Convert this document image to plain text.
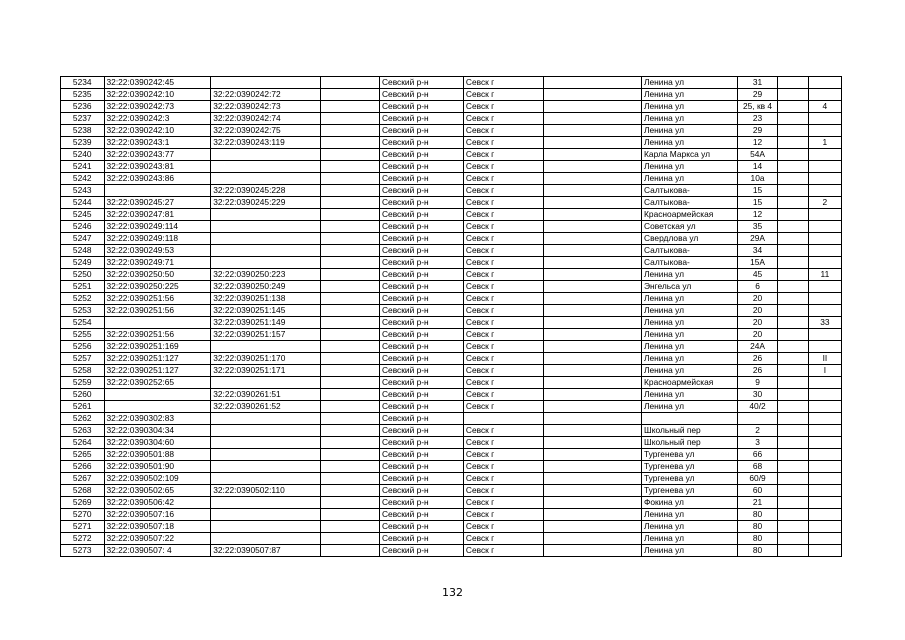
5234	32:22:0390242:45			Севский р-н	Севск г		Ленина ул	31		
5235	32:22:0390242:10	32:22:0390242:72		Севский р-н	Севск г		Ленина ул	29		
5236	32:22:0390242:73	32:22:0390242:73		Севский р-н	Севск г		Ленина ул	25, кв 4		4
5237	32:22:0390242:3	32:22:0390242:74		Севский р-н	Севск г		Ленина ул	23		
5238	32:22:0390242:10	32:22:0390242:75		Севский р-н	Севск г		Ленина ул	29		
5239	32:22:0390243:1	32:22:0390243:119		Севский р-н	Севск г		Ленина ул	12		1
5240	32:22:0390243:77			Севский р-н	Севск г		Карла Маркса ул	54А		
5241	32:22:0390243:81			Севский р-н	Севск г		Ленина ул	14		
5242	32:22:0390243:86			Севский р-н	Севск г		Ленина ул	10а		
5243		32:22:0390245:228		Севский р-н	Севск г		Салтыкова-	15		
5244	32:22:0390245:27	32:22:0390245:229		Севский р-н	Севск г		Салтыкова-	15		2
5245	32:22:0390247:81			Севский р-н	Севск г		Красноармейская	12		
5246	32:22:0390249:114			Севский р-н	Севск г		Советская ул	35		
5247	32:22:0390249:118			Севский р-н	Севск г		Свердлова ул	29А		
5248	32:22:0390249:53			Севский р-н	Севск г		Салтыкова-	34		
5249	32:22:0390249:71			Севский р-н	Севск г		Салтыкова-	15А		
5250	32:22:0390250:50	32:22:0390250:223		Севский р-н	Севск г		Ленина ул	45		11
5251	32:22:0390250:225	32:22:0390250:249		Севский р-н	Севск г		Энгельса ул	6		
5252	32:22:0390251:56	32:22:0390251:138		Севский р-н	Севск г		Ленина ул	20		
5253	32:22:0390251:56	32:22:0390251:145		Севский р-н	Севск г		Ленина ул	20		
5254		32:22:0390251:149		Севский р-н	Севск г		Ленина ул	20		33
5255	32:22:0390251:56	32:22:0390251:157		Севский р-н	Севск г		Ленина ул	20		
5256	32:22:0390251:169			Севский р-н	Севск г		Ленина ул	24А		
5257	32:22:0390251:127	32:22:0390251:170		Севский р-н	Севск г		Ленина ул	26		II
5258	32:22:0390251:127	32:22:0390251:171		Севский р-н	Севск г		Ленина ул	26		I
5259	32:22:0390252:65			Севский р-н	Севск г		Красноармейская	9		
5260		32:22:0390261:51		Севский р-н	Севск г		Ленина ул	30		
5261		32:22:0390261:52		Севский р-н	Севск г		Ленина ул	40/2		
5262	32:22:0390302:83			Севский р-н						
5263	32:22:0390304:34			Севский р-н	Севск г		Школьный пер	2		
5264	32:22:0390304:60			Севский р-н	Севск г		Школьный пер	3		
5265	32:22:0390501:88			Севский р-н	Севск г		Тургенева ул	66		
5266	32:22:0390501:90			Севский р-н	Севск г		Тургенева ул	68		
5267	32:22:0390502:109			Севский р-н	Севск г		Тургенева ул	60/9		
5268	32:22:0390502:65	32:22:0390502:110		Севский р-н	Севск г		Тургенева ул	60		
5269	32:22:0390506:42			Севский р-н	Севск г		Фокина ул	21		
5270	32:22:0390507:16			Севский р-н	Севск г		Ленина ул	80		
5271	32:22:0390507:18			Севский р-н	Севск г		Ленина ул	80		
5272	32:22:0390507:22			Севский р-н	Севск г		Ленина ул	80		
5273	32:22:0390507: 4	32:22:0390507:87		Севский р-н	Севск г		Ленина ул	80		
132
